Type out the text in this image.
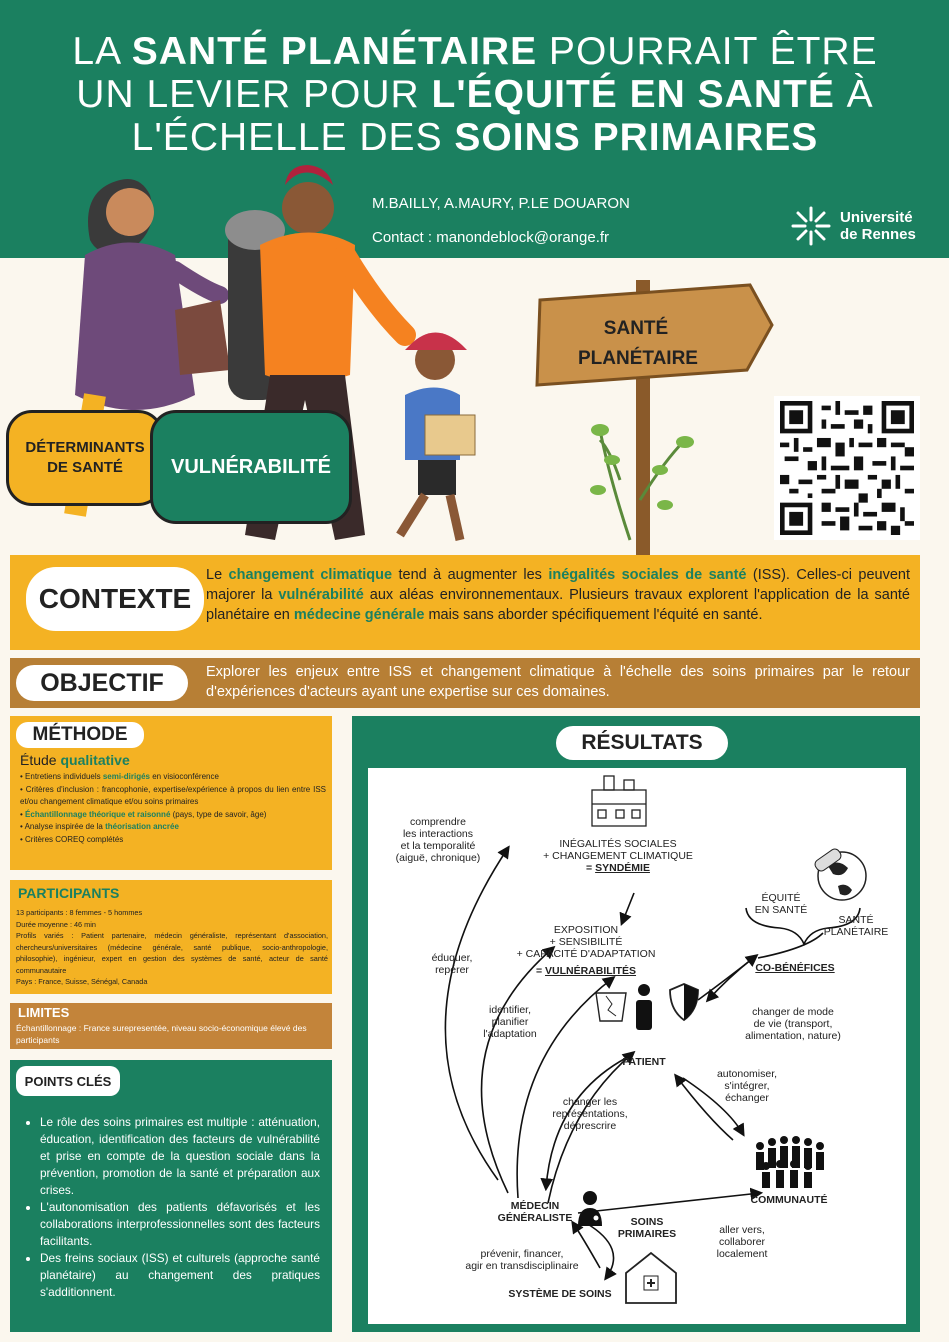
LA SANTÉ PLANÉTAIRE POURRAIT ÊTRE
UN LEVIER POUR L'ÉQUITÉ EN SANTÉ À
L'ÉCHELLE DES SOINS PRIMAIRES
M.BAILLY, A.MAURY, P.LE DOUARON
Contact : manondeblock@orange.fr
Université
de Rennes
SANTÉ
PLANÉTAIRE
DÉTERMINANTS
DE SANTÉ	VULNÉRABILITÉ
CONTEXTE

Le changement climatique tend à augmenter les inégalités sociales de santé (ISS). Celles-ci peuvent majorer la vulnérabilité aux aléas environnementaux. Plusieurs travaux explorent l'application de la santé planétaire en médecine générale mais sans aborder spécifiquement l'équité en santé.

OBJECTIF	Explorer les enjeux entre ISS et changement climatique à l'échelle des soins primaires par le retour d'expériences d'acteurs ayant une expertise sur ces domaines.

MÉTHODE
Étude qualitative
• Entretiens individuels semi-dirigés en visioconférence
• Critères d'inclusion : francophonie, expertise/expérience à propos du lien entre ISS et/ou changement climatique et/ou soins primaires
• Échantillonnage théorique et raisonné (pays, type de savoir, âge)
• Analyse inspirée de la théorisation ancrée
• Critères COREQ complétés
PARTICIPANTS
13 participants : 8 femmes - 5 hommes
Durée moyenne : 46 min
Profils variés : Patient partenaire, médecin généraliste, représentant d'association, chercheurs/universitaires (médecine générale, santé publique, socio-anthropologie, philosophie), ingénieur, expert en gestion des systèmes de santé, acteur de santé communautaire
Pays : France, Suisse, Sénégal, Canada
LIMITES
Échantillonnage : France surepresentée, niveau socio-économique élevé des participants
POINTS CLÉS
• Le rôle des soins primaires est multiple : atténuation, éducation, identification des facteurs de vulnérabilité et prise en compte de la question sociale dans la prévention, promotion de la santé et préparation aux crises.
• L'autonomisation des patients défavorisés et les collaborations interprofessionnelles sont des facteurs facilitants.
• Des freins sociaux (ISS) et culturels (approche santé planétaire) au changement des pratiques s'additionnent.
RÉSULTATS
comprendre
les interactions
et la temporalité
(aiguë, chronique)
INÉGALITÉS SOCIALES
+ CHANGEMENT CLIMATIQUE
= SYNDÉMIE
ÉQUITÉ
EN SANTÉ
SANTÉ
PLANÉTAIRE
EXPOSITION
+ SENSIBILITÉ
+ CAPACITÉ D'ADAPTATION
= VULNÉRABILITÉS
éduquer,
repérer	CO-BÉNÉFICES
identifier,
planifier
l'adaptation
changer de mode
de vie (transport,
alimentation, nature)
PATIENT
autonomiser,
s'intégrer,
échanger
changer les
représentations,
déprescrire
COMMUNAUTÉ
MÉDECIN
GÉNÉRALISTE	SOINS
PRIMAIRES	aller vers,
collaborer
localement
prévenir, financer,
agir en transdisciplinaire
SYSTÈME DE SOINS
